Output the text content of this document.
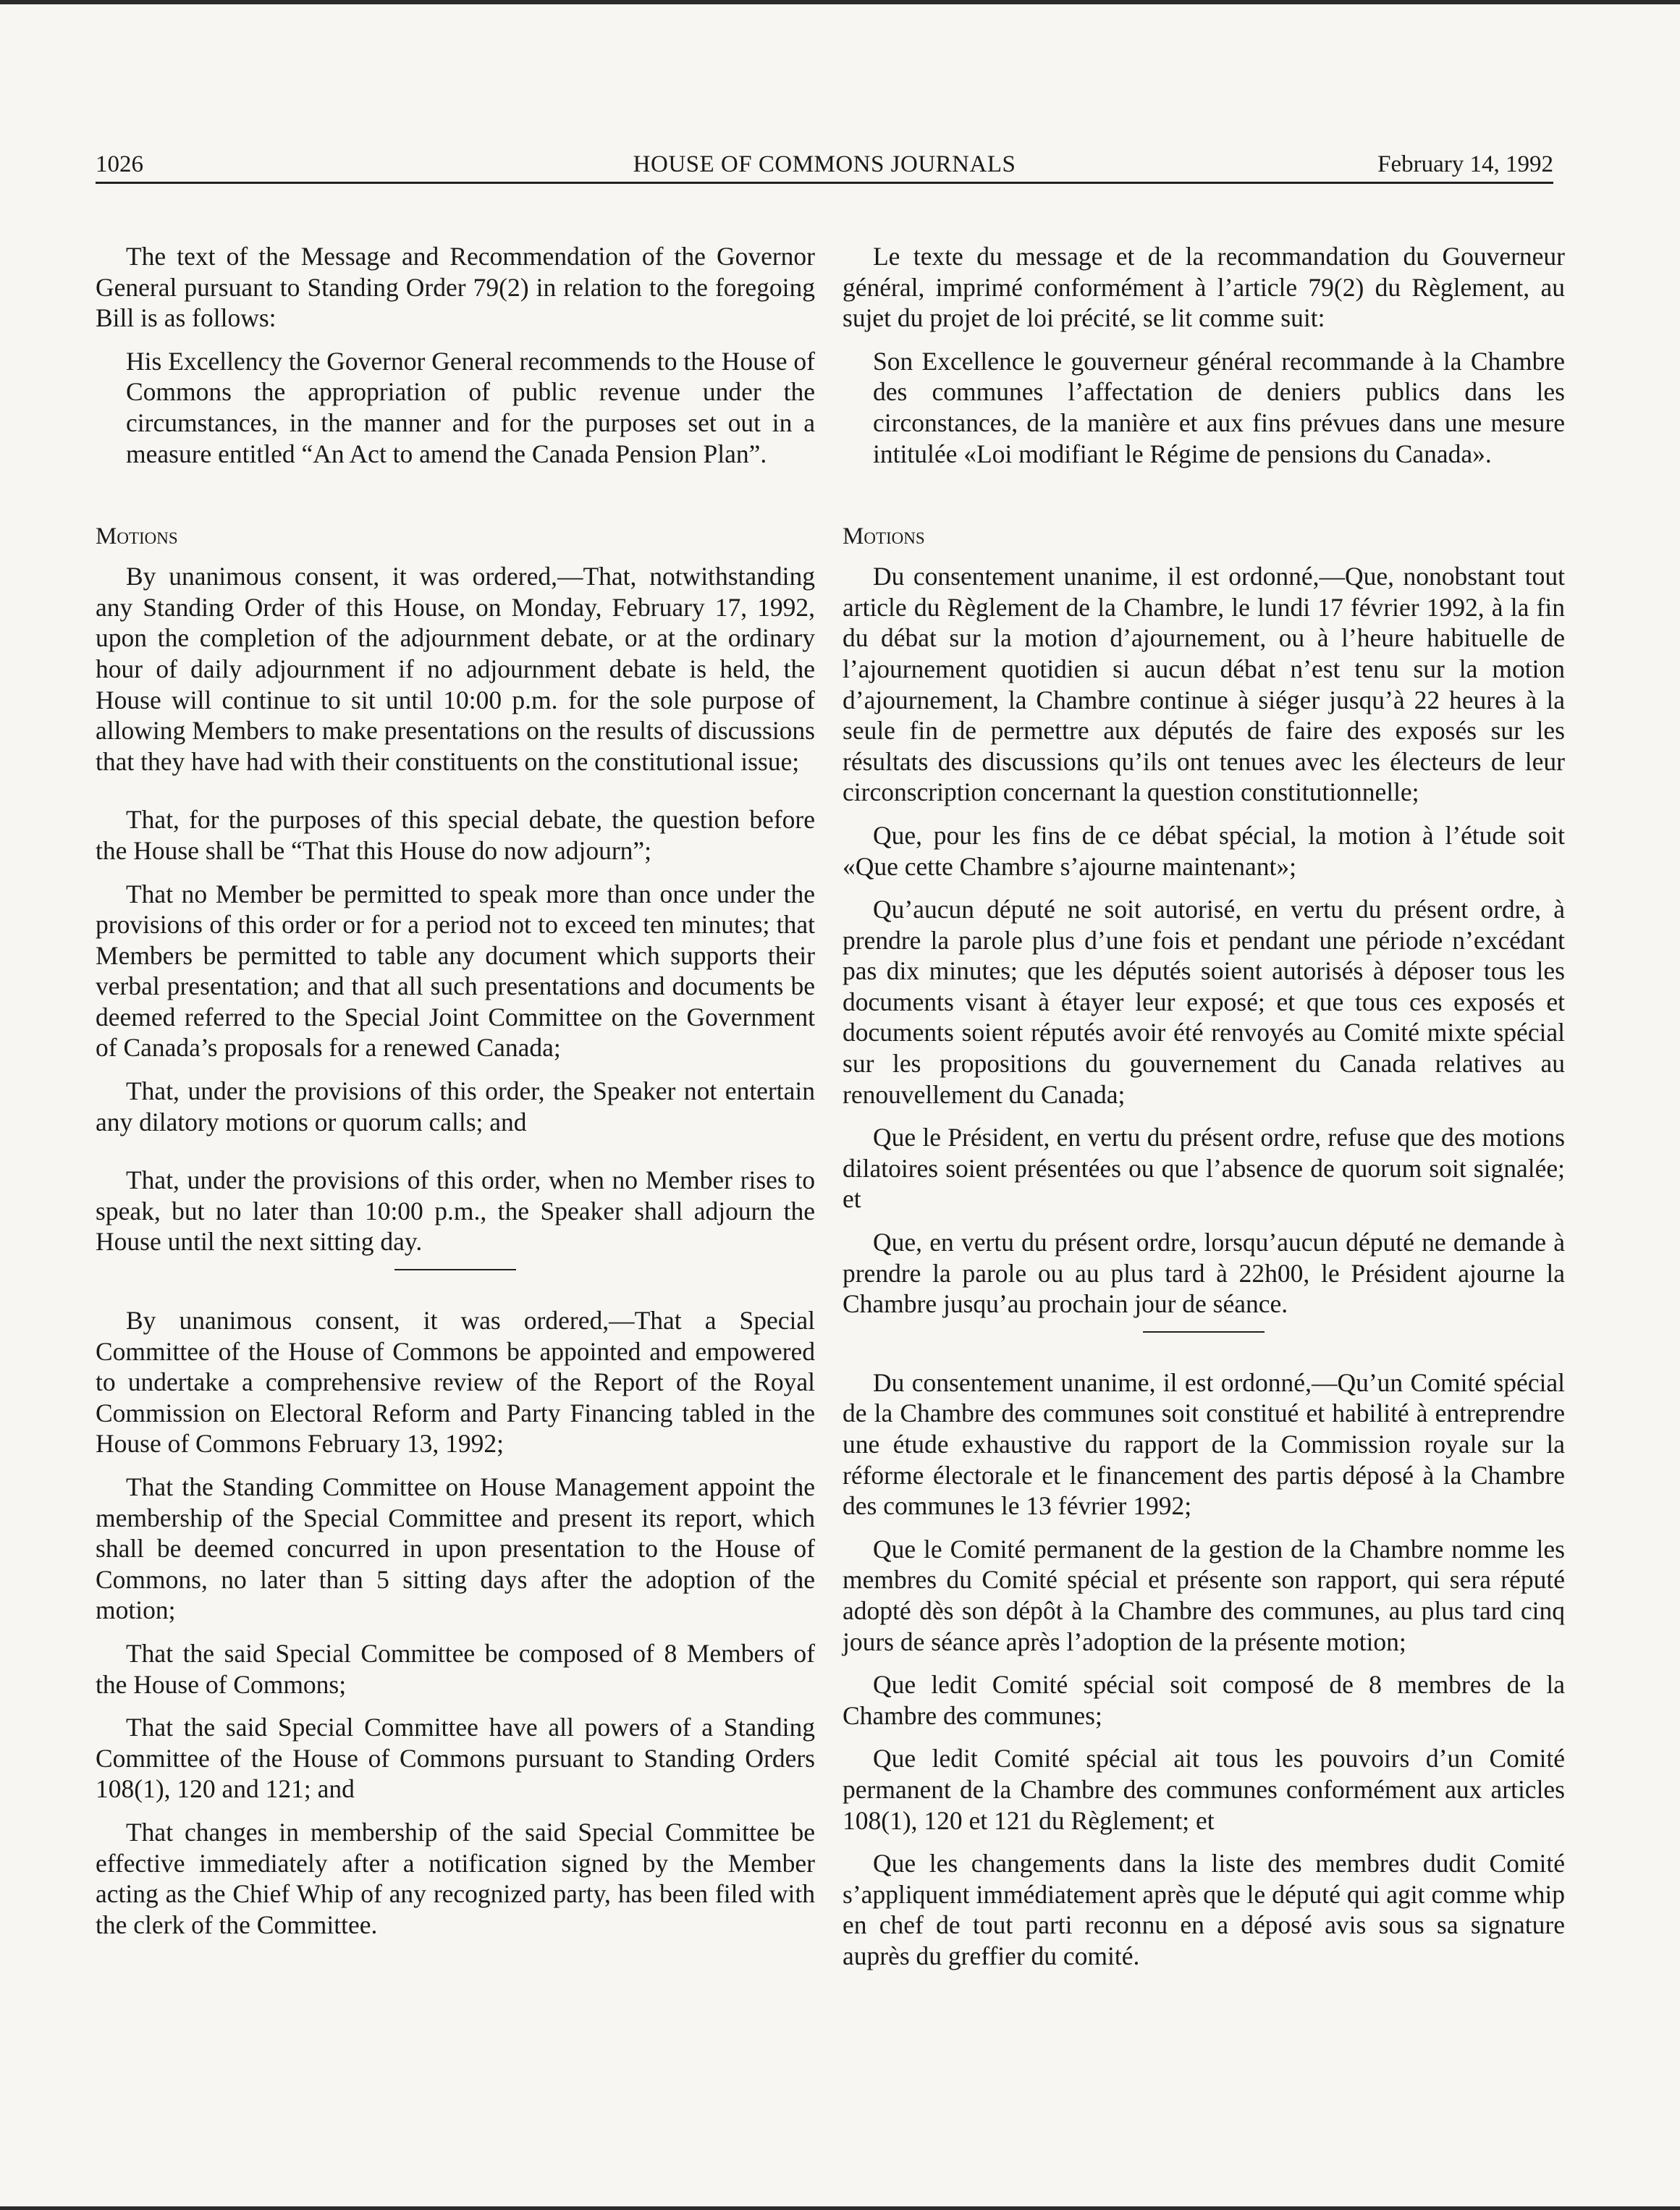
1026	HOUSE OF COMMONS JOURNALS	February 14, 1992

The text of the Message and Recommendation of the Governor General pursuant to Standing Order 79(2) in relation to the foregoing Bill is as follows:

His Excellency the Governor General recommends to the House of Commons the appropriation of public revenue under the circumstances, in the manner and for the purposes set out in a measure entitled “An Act to amend the Canada Pension Plan”.

Motions

By unanimous consent, it was ordered,—That, notwithstanding any Standing Order of this House, on Monday, February 17, 1992, upon the completion of the adjournment debate, or at the ordinary hour of daily adjournment if no adjournment debate is held, the House will continue to sit until 10:00 p.m. for the sole purpose of allowing Members to make presentations on the results of discussions that they have had with their constituents on the constitutional issue;

That, for the purposes of this special debate, the question before the House shall be “That this House do now adjourn”;

That no Member be permitted to speak more than once under the provisions of this order or for a period not to exceed ten minutes; that Members be permitted to table any document which supports their verbal presentation; and that all such presentations and documents be deemed referred to the Special Joint Committee on the Government of Canada’s proposals for a renewed Canada;

That, under the provisions of this order, the Speaker not entertain any dilatory motions or quorum calls; and

That, under the provisions of this order, when no Member rises to speak, but no later than 10:00 p.m., the Speaker shall adjourn the House until the next sitting day.

By unanimous consent, it was ordered,—That a Special Committee of the House of Commons be appointed and empowered to undertake a comprehensive review of the Report of the Royal Commission on Electoral Reform and Party Financing tabled in the House of Commons February 13, 1992;

That the Standing Committee on House Management appoint the membership of the Special Committee and present its report, which shall be deemed concurred in upon presentation to the House of Commons, no later than 5 sitting days after the adoption of the motion;

That the said Special Committee be composed of 8 Members of the House of Commons;

That the said Special Committee have all powers of a Standing Committee of the House of Commons pursuant to Standing Orders 108(1), 120 and 121; and

That changes in membership of the said Special Committee be effective immediately after a notification signed by the Member acting as the Chief Whip of any recognized party, has been filed with the clerk of the Committee.

Le texte du message et de la recommandation du Gouverneur général, imprimé conformément à l’article 79(2) du Règlement, au sujet du projet de loi précité, se lit comme suit:

Son Excellence le gouverneur général recommande à la Chambre des communes l’affectation de deniers publics dans les circonstances, de la manière et aux fins prévues dans une mesure intitulée «Loi modifiant le Régime de pensions du Canada».

Motions

Du consentement unanime, il est ordonné,—Que, nonobstant tout article du Règlement de la Chambre, le lundi 17 février 1992, à la fin du débat sur la motion d’ajournement, ou à l’heure habituelle de l’ajournement quotidien si aucun débat n’est tenu sur la motion d’ajournement, la Chambre continue à siéger jusqu’à 22 heures à la seule fin de permettre aux députés de faire des exposés sur les résultats des discussions qu’ils ont tenues avec les électeurs de leur circonscription concernant la question constitutionnelle;

Que, pour les fins de ce débat spécial, la motion à l’étude soit «Que cette Chambre s’ajourne maintenant»;

Qu’aucun député ne soit autorisé, en vertu du présent ordre, à prendre la parole plus d’une fois et pendant une période n’excédant pas dix minutes; que les députés soient autorisés à déposer tous les documents visant à étayer leur exposé; et que tous ces exposés et documents soient réputés avoir été renvoyés au Comité mixte spécial sur les propositions du gouvernement du Canada relatives au renouvellement du Canada;

Que le Président, en vertu du présent ordre, refuse que des motions dilatoires soient présentées ou que l’absence de quorum soit signalée; et

Que, en vertu du présent ordre, lorsqu’aucun député ne demande à prendre la parole ou au plus tard à 22h00, le Président ajourne la Chambre jusqu’au prochain jour de séance.

Du consentement unanime, il est ordonné,—Qu’un Comité spécial de la Chambre des communes soit constitué et habilité à entreprendre une étude exhaustive du rapport de la Commission royale sur la réforme électorale et le financement des partis déposé à la Chambre des communes le 13 février 1992;

Que le Comité permanent de la gestion de la Chambre nomme les membres du Comité spécial et présente son rapport, qui sera réputé adopté dès son dépôt à la Chambre des communes, au plus tard cinq jours de séance après l’adoption de la présente motion;

Que ledit Comité spécial soit composé de 8 membres de la Chambre des communes;

Que ledit Comité spécial ait tous les pouvoirs d’un Comité permanent de la Chambre des communes conformément aux articles 108(1), 120 et 121 du Règlement; et

Que les changements dans la liste des membres dudit Comité s’appliquent immédiatement après que le député qui agit comme whip en chef de tout parti reconnu en a déposé avis sous sa signature auprès du greffier du comité.
